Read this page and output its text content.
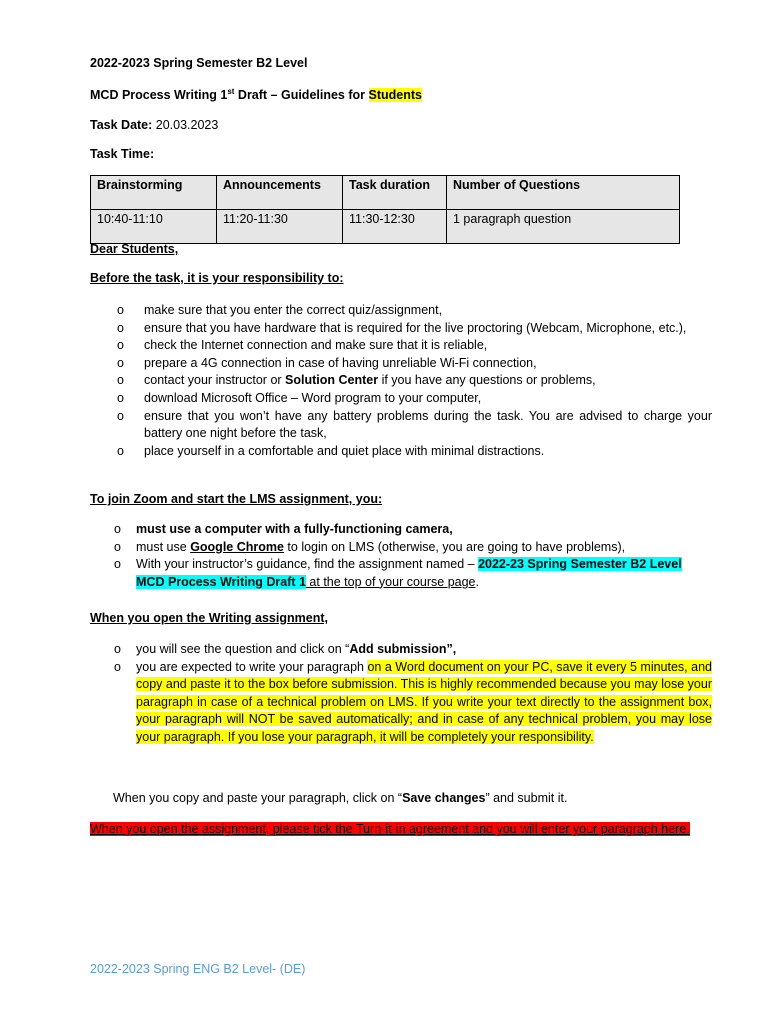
2022-2023 Spring Semester B2 Level
MCD Process Writing 1st Draft – Guidelines for Students
Task Date: 20.03.2023
Task Time:
Brainstorming	Announcements	Task duration	Number of Questions
10:40-11:10	11:20-11:30	11:30-12:30	1 paragraph question
Dear Students,
Before the task, it is your responsibility to:
o make sure that you enter the correct quiz/assignment,
o ensure that you have hardware that is required for the live proctoring (Webcam, Microphone, etc.),
o check the Internet connection and make sure that it is reliable,
o prepare a 4G connection in case of having unreliable Wi-Fi connection,
o contact your instructor or Solution Center if you have any questions or problems,
o download Microsoft Office – Word program to your computer,
o ensure that you won’t have any battery problems during the task. You are advised to charge your battery one night before the task,
o place yourself in a comfortable and quiet place with minimal distractions.
To join Zoom and start the LMS assignment, you:
o must use a computer with a fully-functioning camera,
o must use Google Chrome to login on LMS (otherwise, you are going to have problems),
o With your instructor’s guidance, find the assignment named – 2022-23 Spring Semester B2 Level MCD Process Writing Draft 1 at the top of your course page.
When you open the Writing assignment,
o you will see the question and click on “Add submission”,
o you are expected to write your paragraph on a Word document on your PC, save it every 5 minutes, and copy and paste it to the box before submission. This is highly recommended because you may lose your paragraph in case of a technical problem on LMS. If you write your text directly to the assignment box, your paragraph will NOT be saved automatically; and in case of any technical problem, you may lose your paragraph. If you lose your paragraph, it will be completely your responsibility.
When you copy and paste your paragraph, click on “Save changes” and submit it.
When you open the assignment, please tick the Turn-it-in agreement and you will enter your paragraph here.
2022-2023 Spring ENG B2 Level- (DE)
